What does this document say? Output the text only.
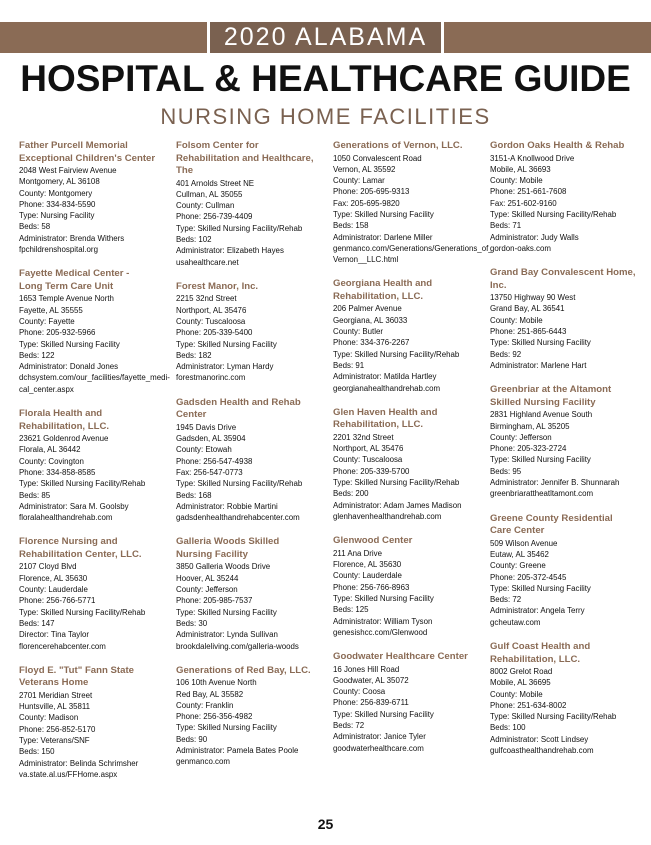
2020 ALABAMA
HOSPITAL & HEALTHCARE GUIDE
NURSING HOME FACILITIES
Father Purcell Memorial
Exceptional Children's Center
2048 West Fairview Avenue
Montgomery, AL 36108
County: Montgomery
Phone: 334-834-5590
Type: Nursing Facility
Beds: 58
Administrator: Brenda Withers
fpchildrenshospital.org
Fayette Medical Center -
Long Term Care Unit
1653 Temple Avenue North
Fayette, AL 35555
County: Fayette
Phone: 205-932-5966
Type: Skilled Nursing Facility
Beds: 122
Administrator: Donald Jones
dchsystem.com/our_facilities/fayette_medi-
cal_center.aspx
Florala Health and Rehabilitation, LLC.
23621 Goldenrod Avenue
Florala, AL 36442
County: Covington
Phone: 334-858-8585
Type: Skilled Nursing Facility/Rehab
Beds: 85
Administrator: Sara M. Goolsby
floralahealthandrehab.com
Florence Nursing and
Rehabilitation Center, LLC.
2107 Cloyd Blvd
Florence, AL 35630
County: Lauderdale
Phone: 256-766-5771
Type: Skilled Nursing Facility/Rehab
Beds: 147
Director: Tina Taylor
florencerehabcenter.com
Floyd E. "Tut" Fann State
Veterans Home
2701 Meridian Street
Huntsville, AL 35811
County: Madison
Phone: 256-852-5170
Type: Veterans/SNF
Beds: 150
Administrator: Belinda Schrimsher
va.state.al.us/FFHome.aspx
Folsom Center for
Rehabilitation and Healthcare, The
401 Arnolds Street NE
Cullman, AL 35055
County: Cullman
Phone: 256-739-4409
Type: Skilled Nursing Facility/Rehab
Beds: 102
Administrator: Elizabeth Hayes
usahealthcare.net
Forest Manor, Inc.
2215 32nd Street
Northport, AL 35476
County: Tuscaloosa
Phone: 205-339-5400
Type: Skilled Nursing Facility
Beds: 182
Administrator: Lyman Hardy
forestmanorinc.com
Gadsden Health and Rehab Center
1945 Davis Drive
Gadsden, AL 35904
County: Etowah
Phone: 256-547-4938
Fax: 256-547-0773
Type: Skilled Nursing Facility/Rehab
Beds: 168
Administrator: Robbie Martini
gadsdenhealthandrehabcenter.com
Galleria Woods Skilled
Nursing Facility
3850 Galleria Woods Drive
Hoover, AL 35244
County: Jefferson
Phone: 205-985-7537
Type: Skilled Nursing Facility
Beds: 30
Administrator: Lynda Sullivan
brookdaleliving.com/galleria-woods
Generations of Red Bay, LLC.
106 10th Avenue North
Red Bay, AL 35582
County: Franklin
Phone: 256-356-4982
Type: Skilled Nursing Facility
Beds: 90
Administrator: Pamela Bates Poole
genmanco.com
Generations of Vernon, LLC.
1050 Convalescent Road
Vernon, AL 35592
County: Lamar
Phone: 205-695-9313
Fax: 205-695-9820
Type: Skilled Nursing Facility
Beds: 158
Administrator: Darlene Miller
genmanco.com/Generations/Generations_of_
Vernon__LLC.html
Georgiana Health and
Rehabilitation, LLC.
206 Palmer Avenue
Georgiana, AL 36033
County: Butler
Phone: 334-376-2267
Type: Skilled Nursing Facility/Rehab
Beds: 91
Administrator: Matilda Hartley
georgianahealthandrehab.com
Glen Haven Health and
Rehabilitation, LLC.
2201 32nd Street
Northport, AL 35476
County: Tuscaloosa
Phone: 205-339-5700
Type: Skilled Nursing Facility/Rehab
Beds: 200
Administrator: Adam James Madison
glenhavenhealthandrehab.com
Glenwood Center
211 Ana Drive
Florence, AL 35630
County: Lauderdale
Phone: 256-766-8963
Type: Skilled Nursing Facility
Beds: 125
Administrator: William Tyson
genesishcc.com/Glenwood
Goodwater Healthcare Center
16 Jones Hill Road
Goodwater, AL 35072
County: Coosa
Phone: 256-839-6711
Type: Skilled Nursing Facility
Beds: 72
Administrator: Janice Tyler
goodwaterhealthcare.com
Gordon Oaks Health & Rehab
3151-A Knollwood Drive
Mobile, AL 36693
County: Mobile
Phone: 251-661-7608
Fax: 251-602-9160
Type: Skilled Nursing Facility/Rehab
Beds: 71
Administrator: Judy Walls
gordon-oaks.com
Grand Bay Convalescent Home, Inc.
13750 Highway 90 West
Grand Bay, AL 36541
County: Mobile
Phone: 251-865-6443
Type: Skilled Nursing Facility
Beds: 92
Administrator: Marlene Hart
Greenbriar at the Altamont
Skilled Nursing Facility
2831 Highland Avenue South
Birmingham, AL 35205
County: Jefferson
Phone: 205-323-2724
Type: Skilled Nursing Facility
Beds: 95
Administrator: Jennifer B. Shunnarah
greenbriarattheatltamont.com
Greene County Residential
Care Center
509 Wilson Avenue
Eutaw, AL 35462
County: Greene
Phone: 205-372-4545
Type: Skilled Nursing Facility
Beds: 72
Administrator: Angela Terry
gcheutaw.com
Gulf Coast Health and
Rehabilitation, LLC.
8002 Grelot Road
Mobile, AL 36695
County: Mobile
Phone: 251-634-8002
Type: Skilled Nursing Facility/Rehab
Beds: 100
Administrator: Scott Lindsey
gulfcoasthealthandrehab.com
25
